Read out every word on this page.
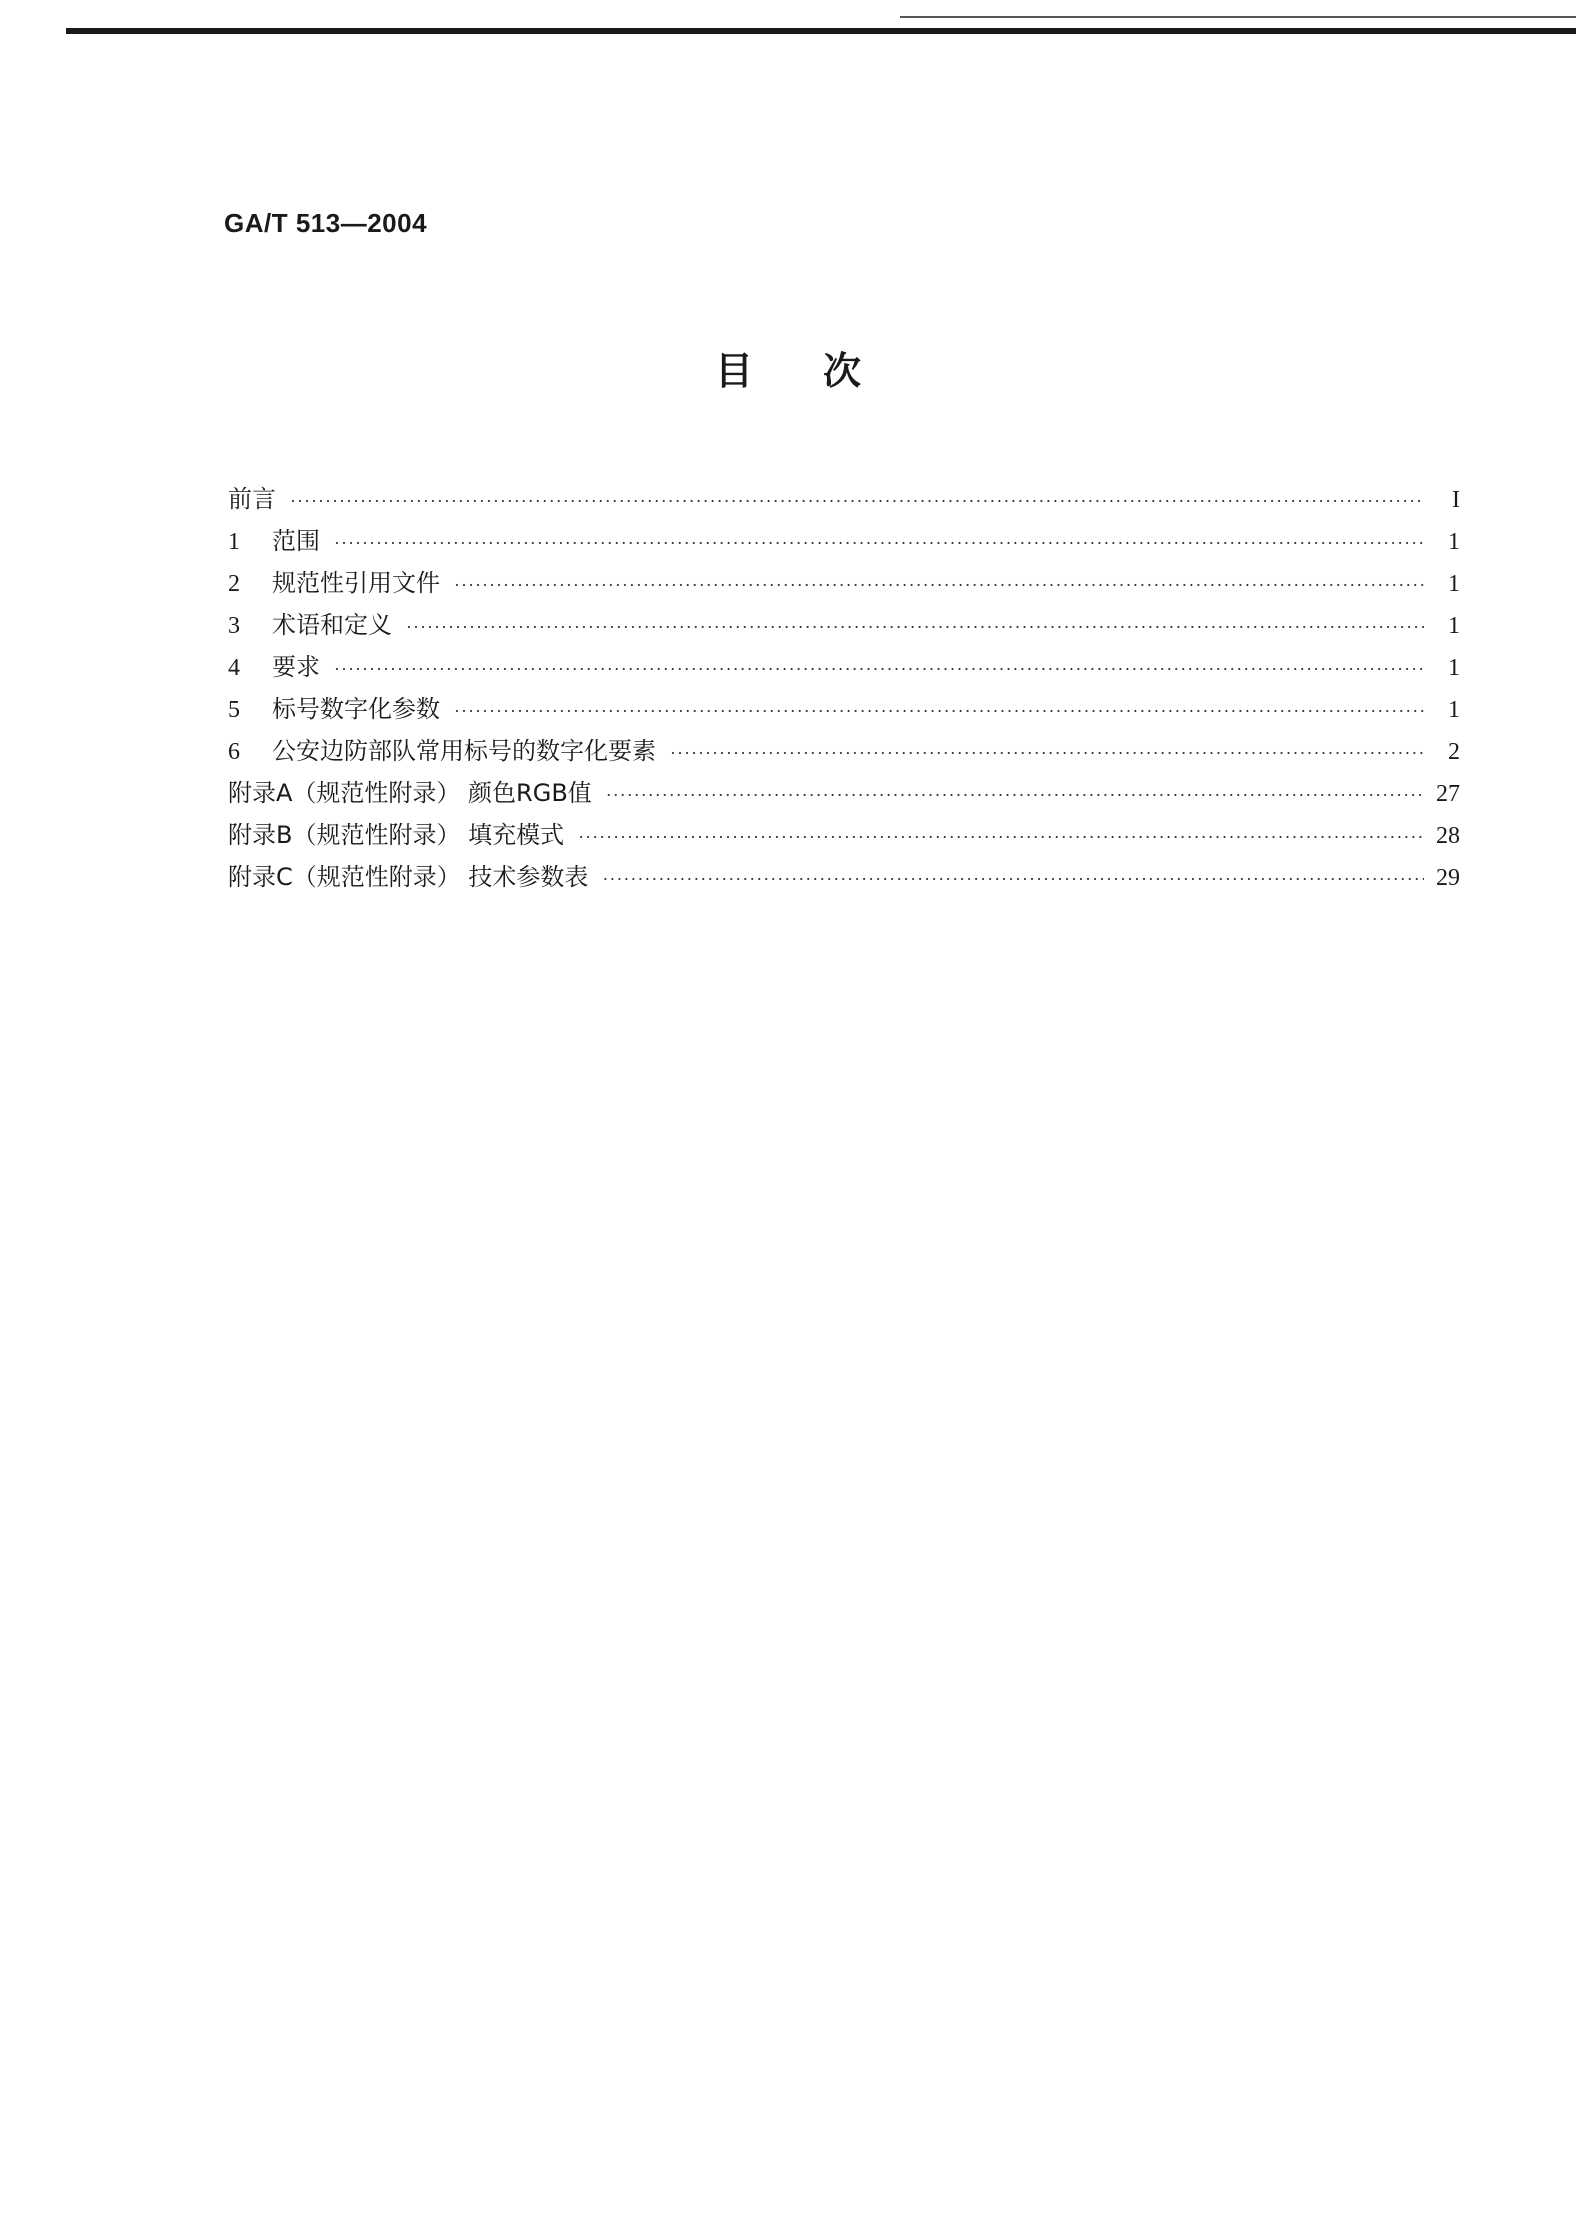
GA/T 513—2004
目次
前言 ·····	I
1 范围 ·····	1
2 规范性引用文件 ·····	1
3 术语和定义 ·····	1
4 要求 ·····	1
5 标号数字化参数 ·····	1
6 公安边防部队常用标号的数字化要素 ·····	2
附录A（规范性附录） 颜色RGB值 ·····	27
附录B（规范性附录） 填充模式 ·····	28
附录C（规范性附录） 技术参数表 ·····	29
